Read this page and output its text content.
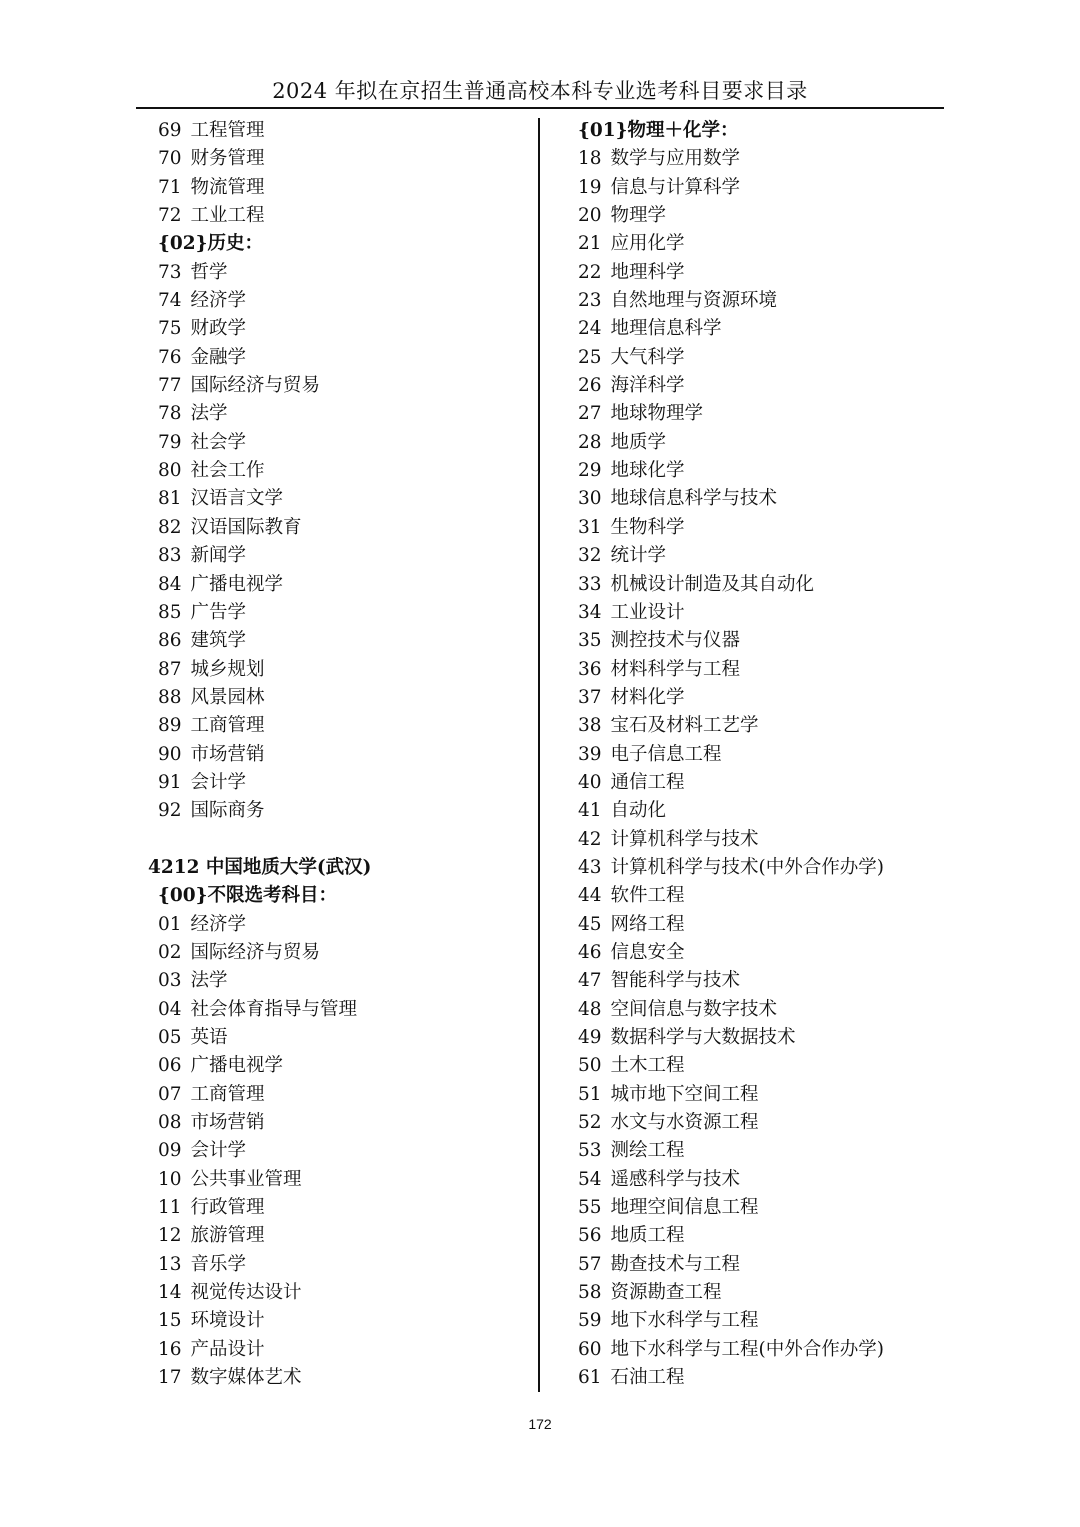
2024 年拟在京招生普通高校本科专业选考科目要求目录
69 工程管理
70 财务管理
71 物流管理
72 工业工程
{02}历史：
73 哲学
74 经济学
75 财政学
76 金融学
77 国际经济与贸易
78 法学
79 社会学
80 社会工作
81 汉语言文学
82 汉语国际教育
83 新闻学
84 广播电视学
85 广告学
86 建筑学
87 城乡规划
88 风景园林
89 工商管理
90 市场营销
91 会计学
92 国际商务
4212 中国地质大学(武汉)
{00}不限选考科目：
01 经济学
02 国际经济与贸易
03 法学
04 社会体育指导与管理
05 英语
06 广播电视学
07 工商管理
08 市场营销
09 会计学
10 公共事业管理
11 行政管理
12 旅游管理
13 音乐学
14 视觉传达设计
15 环境设计
16 产品设计
17 数字媒体艺术
{01}物理＋化学：
18 数学与应用数学
19 信息与计算科学
20 物理学
21 应用化学
22 地理科学
23 自然地理与资源环境
24 地理信息科学
25 大气科学
26 海洋科学
27 地球物理学
28 地质学
29 地球化学
30 地球信息科学与技术
31 生物科学
32 统计学
33 机械设计制造及其自动化
34 工业设计
35 测控技术与仪器
36 材料科学与工程
37 材料化学
38 宝石及材料工艺学
39 电子信息工程
40 通信工程
41 自动化
42 计算机科学与技术
43 计算机科学与技术(中外合作办学)
44 软件工程
45 网络工程
46 信息安全
47 智能科学与技术
48 空间信息与数字技术
49 数据科学与大数据技术
50 土木工程
51 城市地下空间工程
52 水文与水资源工程
53 测绘工程
54 遥感科学与技术
55 地理空间信息工程
56 地质工程
57 勘查技术与工程
58 资源勘查工程
59 地下水科学与工程
60 地下水科学与工程(中外合作办学)
61 石油工程
172
